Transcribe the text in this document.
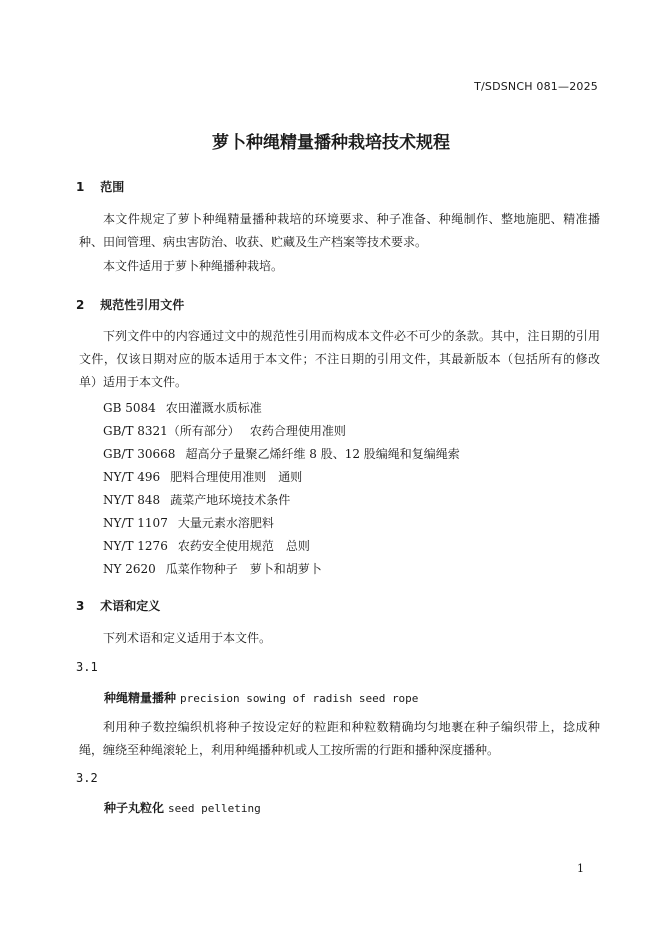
T/SDSNCH 081—2025
萝卜种绳精量播种栽培技术规程
1 范围

本文件规定了萝卜种绳精量播种栽培的环境要求、种子准备、种绳制作、整地施肥、精准播种、田间管理、病虫害防治、收获、贮藏及生产档案等技术要求。

本文件适用于萝卜种绳播种栽培。

2 规范性引用文件

下列文件中的内容通过文中的规范性引用而构成本文件必不可少的条款。其中，注日期的引用文件，仅该日期对应的版本适用于本文件；不注日期的引用文件，其最新版本（包括所有的修改单）适用于本文件。

GB 5084 农田灌溉水质标准
GB/T 8321（所有部分） 农药合理使用准则
GB/T 30668 超高分子量聚乙烯纤维 8 股、12 股编绳和复编绳索
NY/T 496 肥料合理使用准则　通则
NY/T 848 蔬菜产地环境技术条件
NY/T 1107 大量元素水溶肥料
NY/T 1276 农药安全使用规范　总则
NY 2620 瓜菜作物种子　萝卜和胡萝卜
3 术语和定义

下列术语和定义适用于本文件。

3.1
种绳精量播种 precision sowing of radish seed rope

利用种子数控编织机将种子按设定好的粒距和种粒数精确均匀地裹在种子编织带上，捻成种绳，缠绕至种绳滚轮上，利用种绳播种机或人工按所需的行距和播种深度播种。

3.2
种子丸粒化 seed pelleting
1
